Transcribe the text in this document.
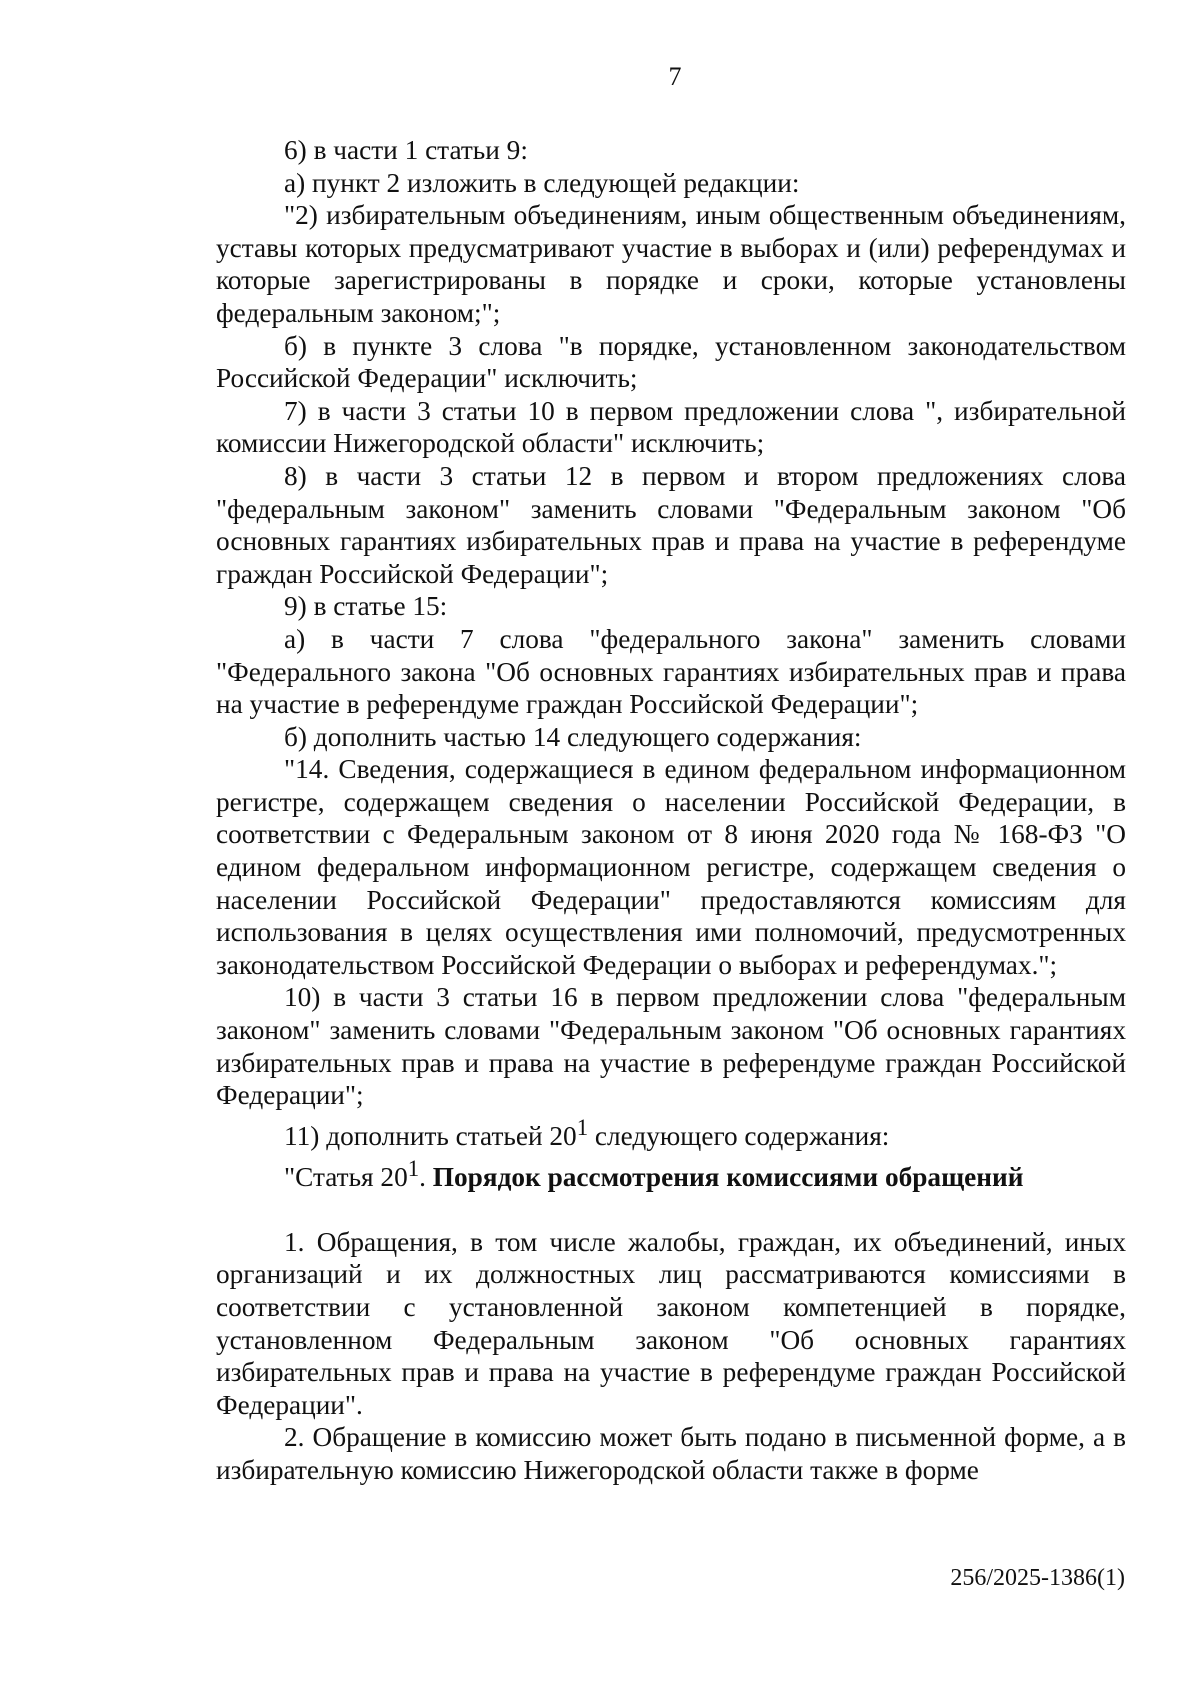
7

6) в части 1 статьи 9:

а) пункт 2 изложить в следующей редакции:

"2) избирательным объединениям, иным общественным объединениям, уставы которых предусматривают участие в выборах и (или) референдумах и которые зарегистрированы в порядке и сроки, которые установлены федеральным законом;";

б) в пункте 3 слова "в порядке, установленном законодательством Российской Федерации" исключить;

7) в части 3 статьи 10 в первом предложении слова ", избирательной комиссии Нижегородской области" исключить;

8) в части 3 статьи 12 в первом и втором предложениях слова "федеральным законом" заменить словами "Федеральным законом "Об основных гарантиях избирательных прав и права на участие в референдуме граждан Российской Федерации";

9) в статье 15:

а) в части 7 слова "федерального закона" заменить словами "Федерального закона "Об основных гарантиях избирательных прав и права на участие в референдуме граждан Российской Федерации";

б) дополнить частью 14 следующего содержания:

"14. Сведения, содержащиеся в едином федеральном информационном регистре, содержащем сведения о населении Российской Федерации, в соответствии с Федеральным законом от 8 июня 2020 года № 168-ФЗ "О едином федеральном информационном регистре, содержащем сведения о населении Российской Федерации" предоставляются комиссиям для использования в целях осуществления ими полномочий, предусмотренных законодательством Российской Федерации о выборах и референдумах.";

10) в части 3 статьи 16 в первом предложении слова "федеральным законом" заменить словами "Федеральным законом "Об основных гарантиях избирательных прав и права на участие в референдуме граждан Российской Федерации";

11) дополнить статьей $20^1$ следующего содержания:

"Статья $20^1$. Порядок рассмотрения комиссиями обращений

1. Обращения, в том числе жалобы, граждан, их объединений, иных организаций и их должностных лиц рассматриваются комиссиями в соответствии с установленной законом компетенцией в порядке, установленном Федеральным законом "Об основных гарантиях избирательных прав и права на участие в референдуме граждан Российской Федерации".

2. Обращение в комиссию может быть подано в письменной форме, а в избирательную комиссию Нижегородской области также в форме

256/2025-1386(1)
